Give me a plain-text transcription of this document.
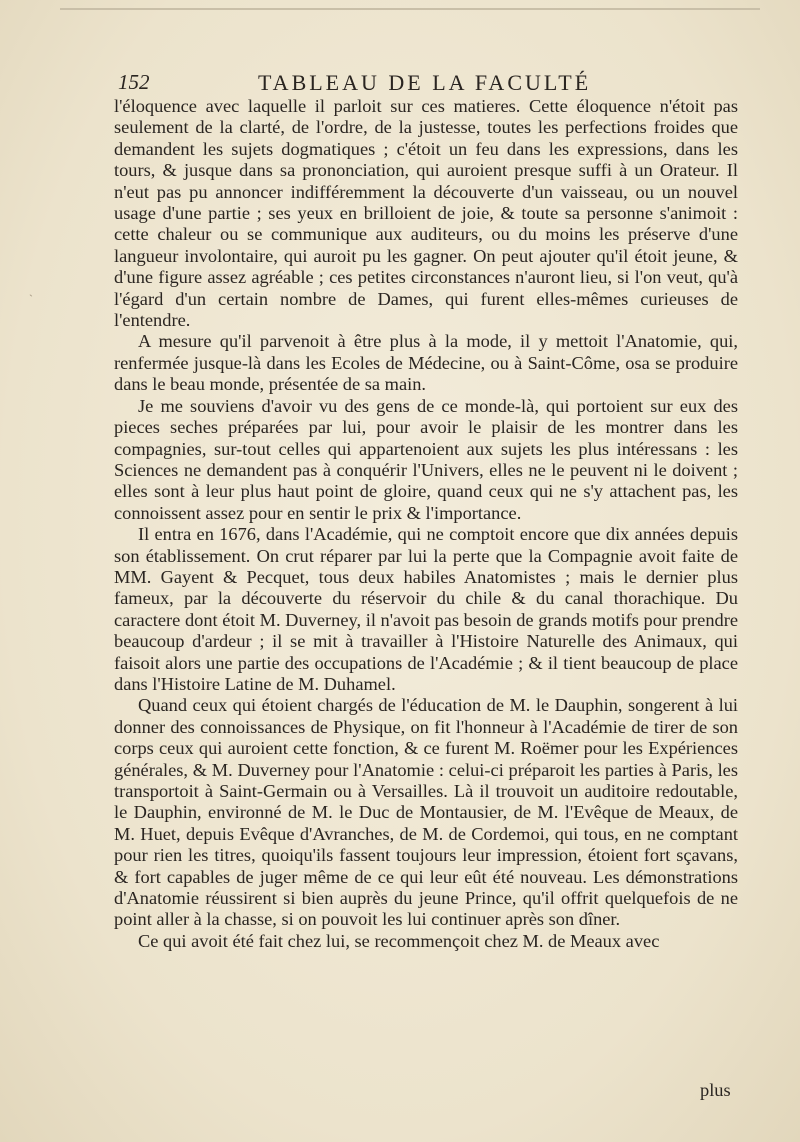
152	TABLEAU DE LA FACULTÉ

l'éloquence avec laquelle il parloit sur ces matieres. Cette éloquence n'étoit pas seulement de la clarté, de l'ordre, de la justesse, toutes les perfections froides que demandent les sujets dogmatiques ; c'étoit un feu dans les expressions, dans les tours, & jusque dans sa prononciation, qui auroient presque suffi à un Orateur. Il n'eut pas pu annoncer indifféremment la découverte d'un vaisseau, ou un nouvel usage d'une partie ; ses yeux en brilloient de joie, & toute sa personne s'animoit : cette chaleur ou se communique aux auditeurs, ou du moins les préserve d'une langueur involontaire, qui auroit pu les gagner. On peut ajouter qu'il étoit jeune, & d'une figure assez agréable ; ces petites circonstances n'auront lieu, si l'on veut, qu'à l'égard d'un certain nombre de Dames, qui furent elles-mêmes curieuses de l'entendre.

A mesure qu'il parvenoit à être plus à la mode, il y mettoit l'Anatomie, qui, renfermée jusque-là dans les Ecoles de Médecine, ou à Saint-Côme, osa se produire dans le beau monde, présentée de sa main.

Je me souviens d'avoir vu des gens de ce monde-là, qui portoient sur eux des pieces seches préparées par lui, pour avoir le plaisir de les montrer dans les compagnies, sur-tout celles qui appartenoient aux sujets les plus intéressans : les Sciences ne demandent pas à conquérir l'Univers, elles ne le peuvent ni le doivent ; elles sont à leur plus haut point de gloire, quand ceux qui ne s'y attachent pas, les connoissent assez pour en sentir le prix & l'importance.

Il entra en 1676, dans l'Académie, qui ne comptoit encore que dix années depuis son établissement. On crut réparer par lui la perte que la Compagnie avoit faite de MM. Gayent & Pecquet, tous deux habiles Anatomistes ; mais le dernier plus fameux, par la découverte du réservoir du chile & du canal thorachique. Du caractere dont étoit M. Duverney, il n'avoit pas besoin de grands motifs pour prendre beaucoup d'ardeur ; il se mit à travailler à l'Histoire Naturelle des Animaux, qui faisoit alors une partie des occupations de l'Académie ; & il tient beaucoup de place dans l'Histoire Latine de M. Duhamel.

Quand ceux qui étoient chargés de l'éducation de M. le Dauphin, songerent à lui donner des connoissances de Physique, on fit l'honneur à l'Académie de tirer de son corps ceux qui auroient cette fonction, & ce furent M. Roëmer pour les Expériences générales, & M. Duverney pour l'Anatomie : celui-ci préparoit les parties à Paris, les transportoit à Saint-Germain ou à Versailles. Là il trouvoit un auditoire redoutable, le Dauphin, environné de M. le Duc de Montausier, de M. l'Evêque de Meaux, de M. Huet, depuis Evêque d'Avranches, de M. de Cordemoi, qui tous, en ne comptant pour rien les titres, quoiqu'ils fassent toujours leur impression, étoient fort sçavans, & fort capables de juger même de ce qui leur eût été nouveau. Les démonstrations d'Anatomie réussirent si bien auprès du jeune Prince, qu'il offrit quelquefois de ne point aller à la chasse, si on pouvoit les lui continuer après son dîner.

Ce qui avoit été fait chez lui, se recommençoit chez M. de Meaux avec

ˎ
plus
